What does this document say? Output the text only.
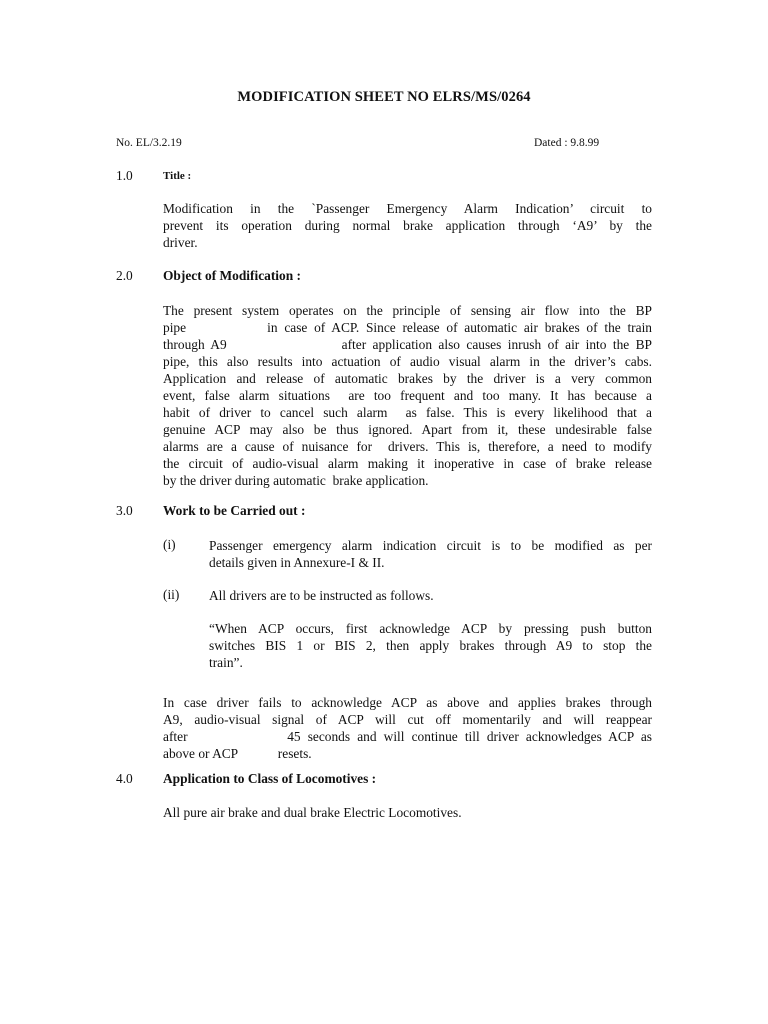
MODIFICATION SHEET NO ELRS/MS/0264
No. EL/3.2.19	Dated : 9.8.99
1.0	Title :
Modification in the `Passenger Emergency Alarm Indication’ circuit to
prevent its operation during normal brake application through ‘A9’ by the
driver.
2.0 Object of Modification :
The present system operates on the principle of sensing air flow into the BP
pipe            in case of ACP. Since release of automatic air brakes of the train
through A9                  after application also causes inrush of air into the BP
pipe, this also results into actuation of audio visual alarm in the driver’s cabs.
Application and release of automatic brakes by the driver is a very common
event, false alarm situations  are too frequent and too many. It has because a
habit of driver to cancel such alarm  as false. This is every likelihood that a
genuine ACP may also be thus ignored. Apart from it, these undesirable false
alarms are a cause of nuisance for  drivers. This is, therefore, a need to modify
the circuit of audio-visual alarm making it inoperative in case of brake release
by the driver during automatic  brake application.
3.0 Work to be Carried out :
(i) Passenger emergency alarm indication circuit is to be modified as per
details given in Annexure-I & II.
(ii) All drivers are to be instructed as follows.
“When ACP occurs, first acknowledge ACP by pressing push button
switches BIS 1 or BIS 2, then apply brakes through A9 to stop the
train”.
In case driver fails to acknowledge ACP as above and applies brakes through
A9, audio-visual signal of ACP will cut off momentarily and will reappear
after              45 seconds and will continue till driver acknowledges ACP as
above or ACP            resets.
4.0 Application to Class of Locomotives :
All pure air brake and dual brake Electric Locomotives.
